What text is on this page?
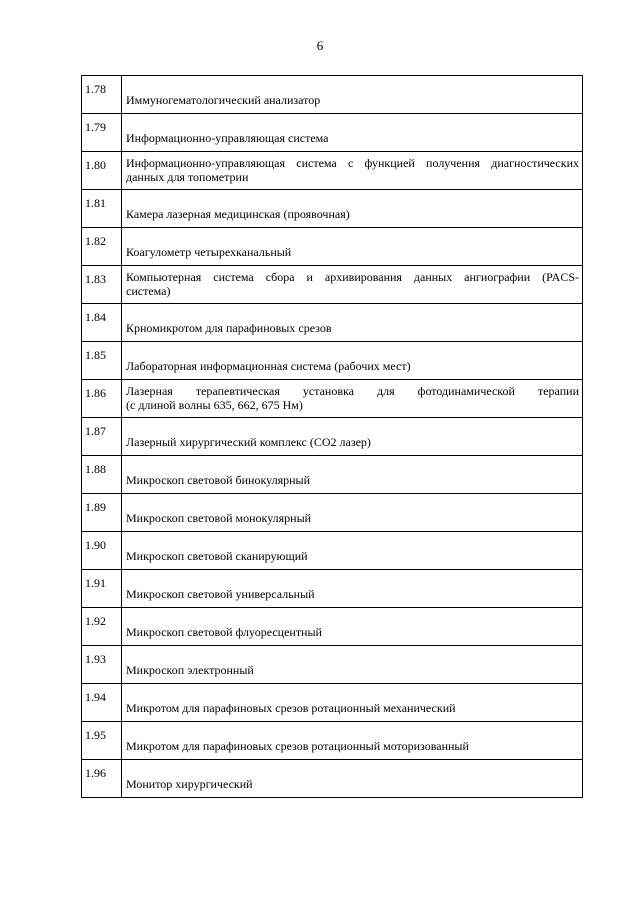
6
1.78	Иммуногематологический анализатор
1.79	Информационно-управляющая система
1.80	Информационно-управляющая система с функцией получения диагностических
данных для топометрии
1.81	Камера лазерная медицинская (проявочная)
1.82	Коагулометр четырехканальный
1.83	Компьютерная система сбора и архивирования данных ангиографии (PACS-
система)
1.84	Крномикротом для парафиновых срезов
1.85	Лабораторная информационная система (рабочих мест)
1.86	Лазерная терапевтическая установка для фотодинамической терапии
(с длиной волны 635, 662, 675 Нм)
1.87	Лазерный хирургический комплекс (СО2 лазер)
1.88	Микроскоп световой бинокулярный
1.89	Микроскоп световой монокулярный
1.90	Микроскоп световой сканирующий
1.91	Микроскоп световой универсальный
1.92	Микроскоп световой флуоресцентный
1.93	Микроскоп электронный
1.94	Микротом для парафиновых срезов ротационный механический
1.95	Микротом для парафиновых срезов ротационный моторизованный
1.96	Монитор хирургический
